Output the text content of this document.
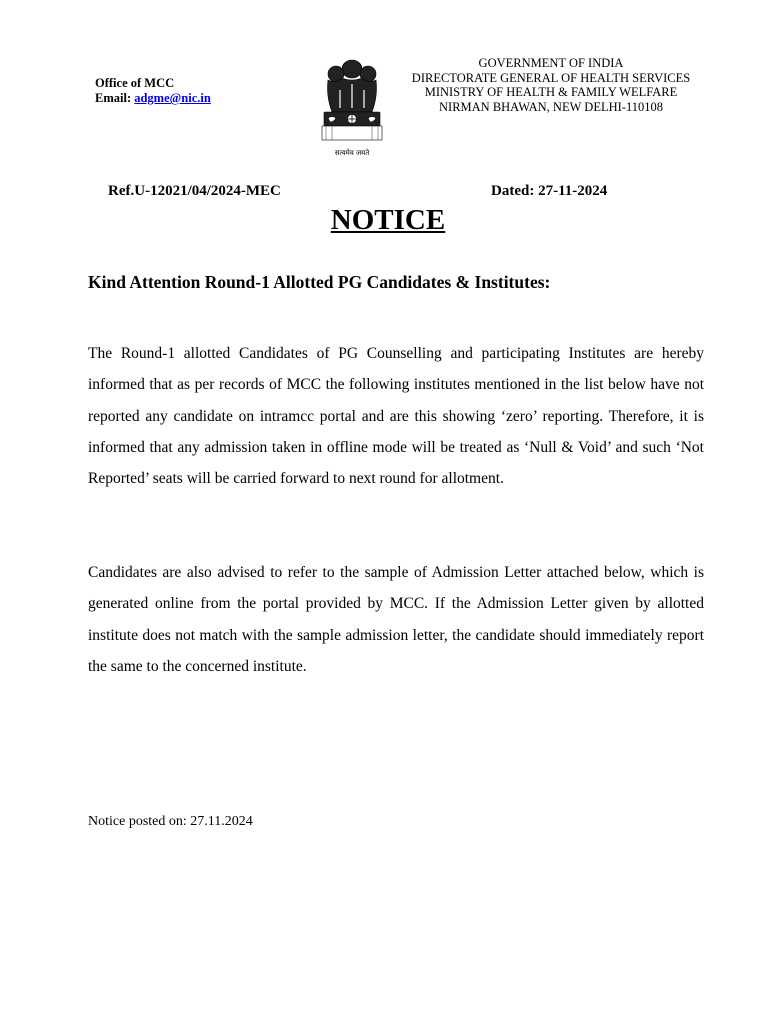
Office of MCC
Email: adgme@nic.in
सत्यमेव जयते
GOVERNMENT OF INDIA
DIRECTORATE GENERAL OF HEALTH SERVICES
MINISTRY OF HEALTH & FAMILY WELFARE
NIRMAN BHAWAN, NEW DELHI-110108
Ref.U-12021/04/2024-MEC	Dated: 27-11-2024
NOTICE
Kind Attention Round-1 Allotted PG Candidates & Institutes:

The Round-1 allotted Candidates of PG Counselling and participating Institutes are hereby informed that as per records of MCC the following institutes mentioned in the list below have not reported any candidate on intramcc portal and are this showing ‘zero’ reporting. Therefore, it is informed that any admission taken in offline mode will be treated as ‘Null & Void’ and such ‘Not Reported’ seats will be carried forward to next round for allotment.

Candidates are also advised to refer to the sample of Admission Letter attached below, which is generated online from the portal provided by MCC. If the Admission Letter given by allotted institute does not match with the sample admission letter, the candidate should immediately report the same to the concerned institute.

Notice posted on: 27.11.2024
